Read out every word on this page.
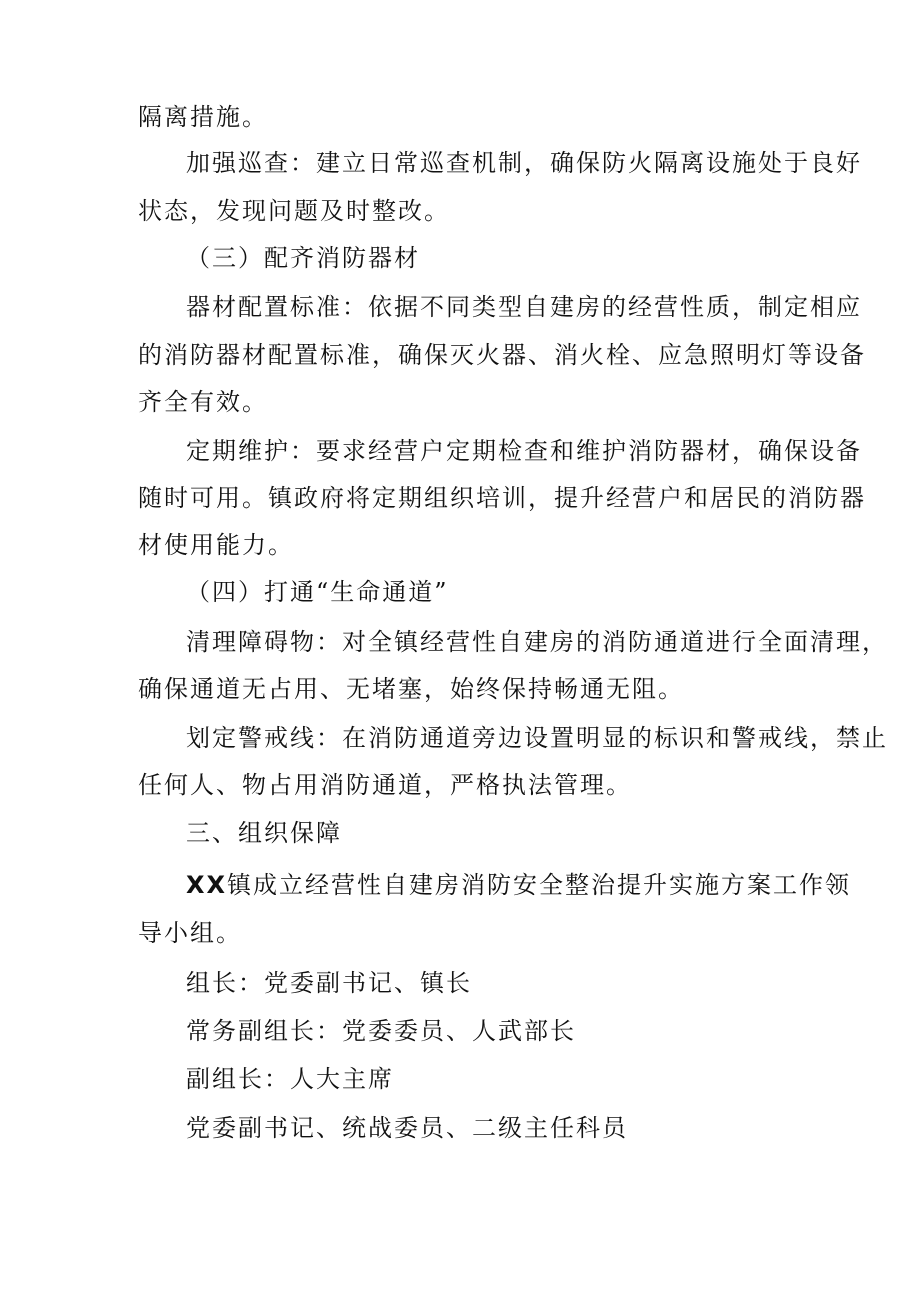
隔离措施。
加强巡查：建立日常巡查机制，确保防火隔离设施处于良好
状态，发现问题及时整改。
（三）配齐消防器材
器材配置标准：依据不同类型自建房的经营性质，制定相应
的消防器材配置标准，确保灭火器、消火栓、应急照明灯等设备
齐全有效。
定期维护：要求经营户定期检查和维护消防器材，确保设备
随时可用。镇政府将定期组织培训，提升经营户和居民的消防器
材使用能力。
（四）打通“生命通道”
清理障碍物：对全镇经营性自建房的消防通道进行全面清理，
确保通道无占用、无堵塞，始终保持畅通无阻。
划定警戒线：在消防通道旁边设置明显的标识和警戒线，禁止
任何人、物占用消防通道，严格执法管理。
三、组织保障
XX镇成立经营性自建房消防安全整治提升实施方案工作领
导小组。
组长：党委副书记、镇长
常务副组长：党委委员、人武部长
副组长：人大主席
党委副书记、统战委员、二级主任科员
